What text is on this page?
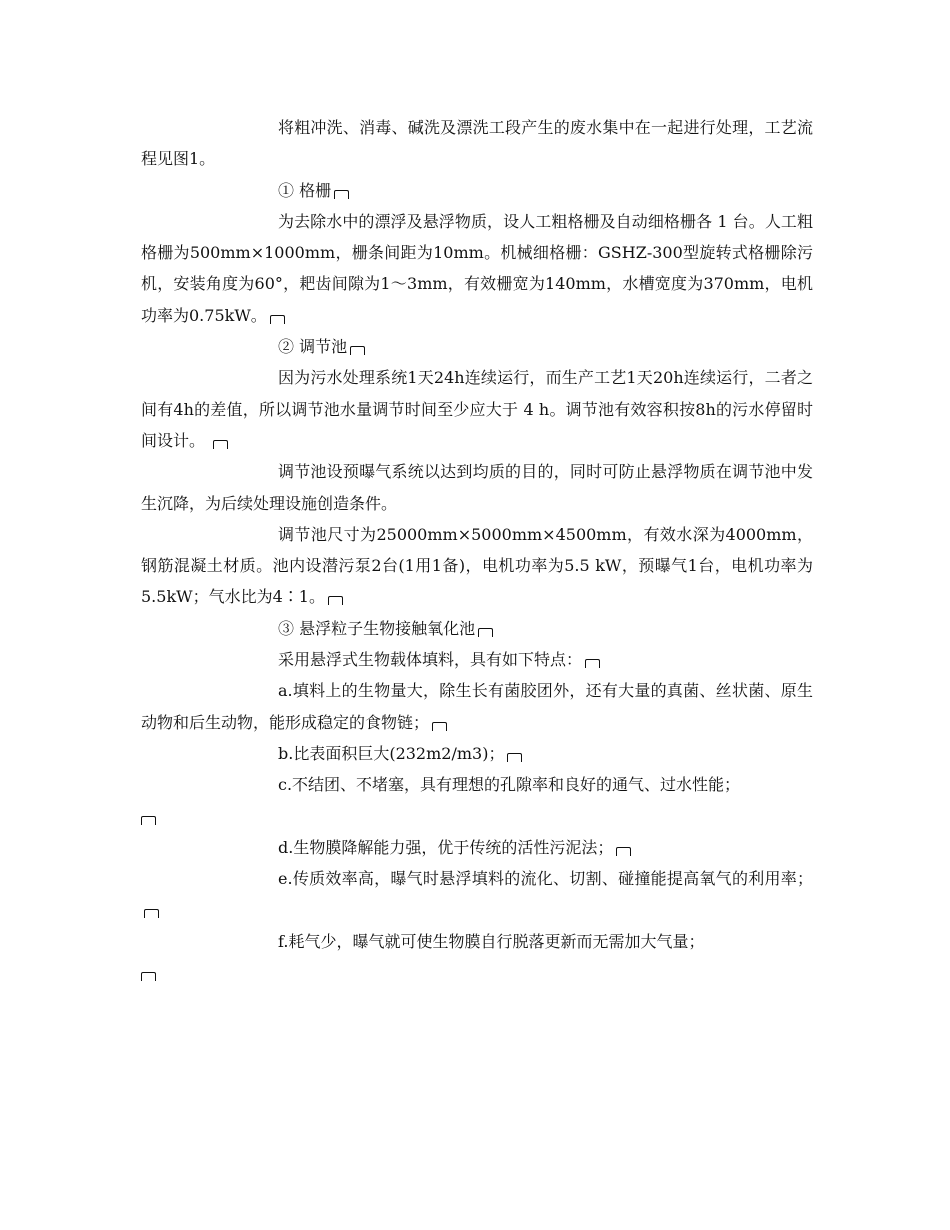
将粗冲洗、消毒、碱洗及漂洗工段产生的废水集中在一起进行处理，工艺流程见图1。

① 格栅

为去除水中的漂浮及悬浮物质，设人工粗格栅及自动细格栅各 1 台。人工粗格栅为500mm×1000mm，栅条间距为10mm。机械细格栅：GSHZ-300型旋转式格栅除污机，安装角度为60°，耙齿间隙为1～3mm，有效栅宽为140mm，水槽宽度为370mm，电机功率为0.75kW。

② 调节池

因为污水处理系统1天24h连续运行，而生产工艺1天20h连续运行，二者之间有4h的差值，所以调节池水量调节时间至少应大于 4 h。调节池有效容积按8h的污水停留时间设计。

调节池设预曝气系统以达到均质的目的，同时可防止悬浮物质在调节池中发生沉降，为后续处理设施创造条件。

调节池尺寸为25000mm×5000mm×4500mm，有效水深为4000mm，钢筋混凝土材质。池内设潜污泵2台(1用1备)，电机功率为5.5 kW，预曝气1台，电机功率为5.5kW；气水比为4∶1。

③ 悬浮粒子生物接触氧化池

采用悬浮式生物载体填料，具有如下特点：

a.填料上的生物量大，除生长有菌胶团外，还有大量的真菌、丝状菌、原生动物和后生动物，能形成稳定的食物链；

b.比表面积巨大(232m2/m3)；

c.不结团、不堵塞，具有理想的孔隙率和良好的通气、过水性能；

d.生物膜降解能力强，优于传统的活性污泥法；

e.传质效率高，曝气时悬浮填料的流化、切割、碰撞能提高氧气的利用率；

f.耗气少，曝气就可使生物膜自行脱落更新而无需加大气量；
